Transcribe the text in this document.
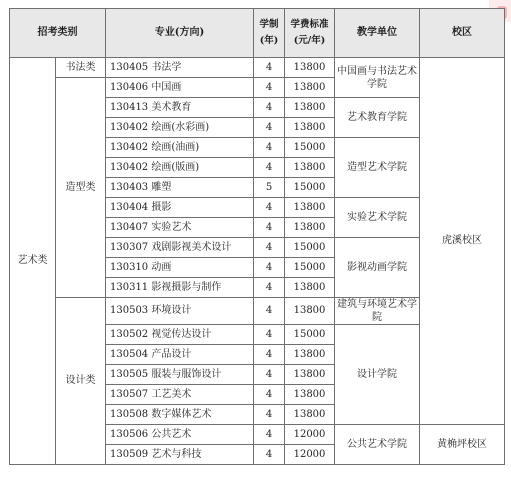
招考类别		专业(方向)	学制(年)	学费标准(元/年)	教学单位	校区
艺术类	书法类	130405 书法学	4	13800	中国画与书法艺术学院	虎溪校区
	造型类	130406 中国画	4	13800		
		130413 美术教育	4	13800	艺术教育学院	
		130402 绘画(水彩画)	4	13800		
		130402 绘画(油画)	4	15000	造型艺术学院	
		130402 绘画(版画)	4	13800		
		130403 雕塑	5	15000		
		130404 摄影	4	13800	实验艺术学院	
		130407 实验艺术	4	13800		
		130307 戏剧影视美术设计	4	15000	影视动画学院	
		130310 动画	4	15000		
		130311 影视摄影与制作	4	13800		
	设计类	130503 环境设计	4	13800	建筑与环境艺术学院	
		130502 视觉传达设计	4	15000	设计学院	
		130504 产品设计	4	13800		
		130505 服装与服饰设计	4	13800		
		130507 工艺美术	4	13800		
		130508 数字媒体艺术	4	13800		
		130506 公共艺术	4	12000	公共艺术学院	黄桷坪校区
		130509 艺术与科技	4	12000		
